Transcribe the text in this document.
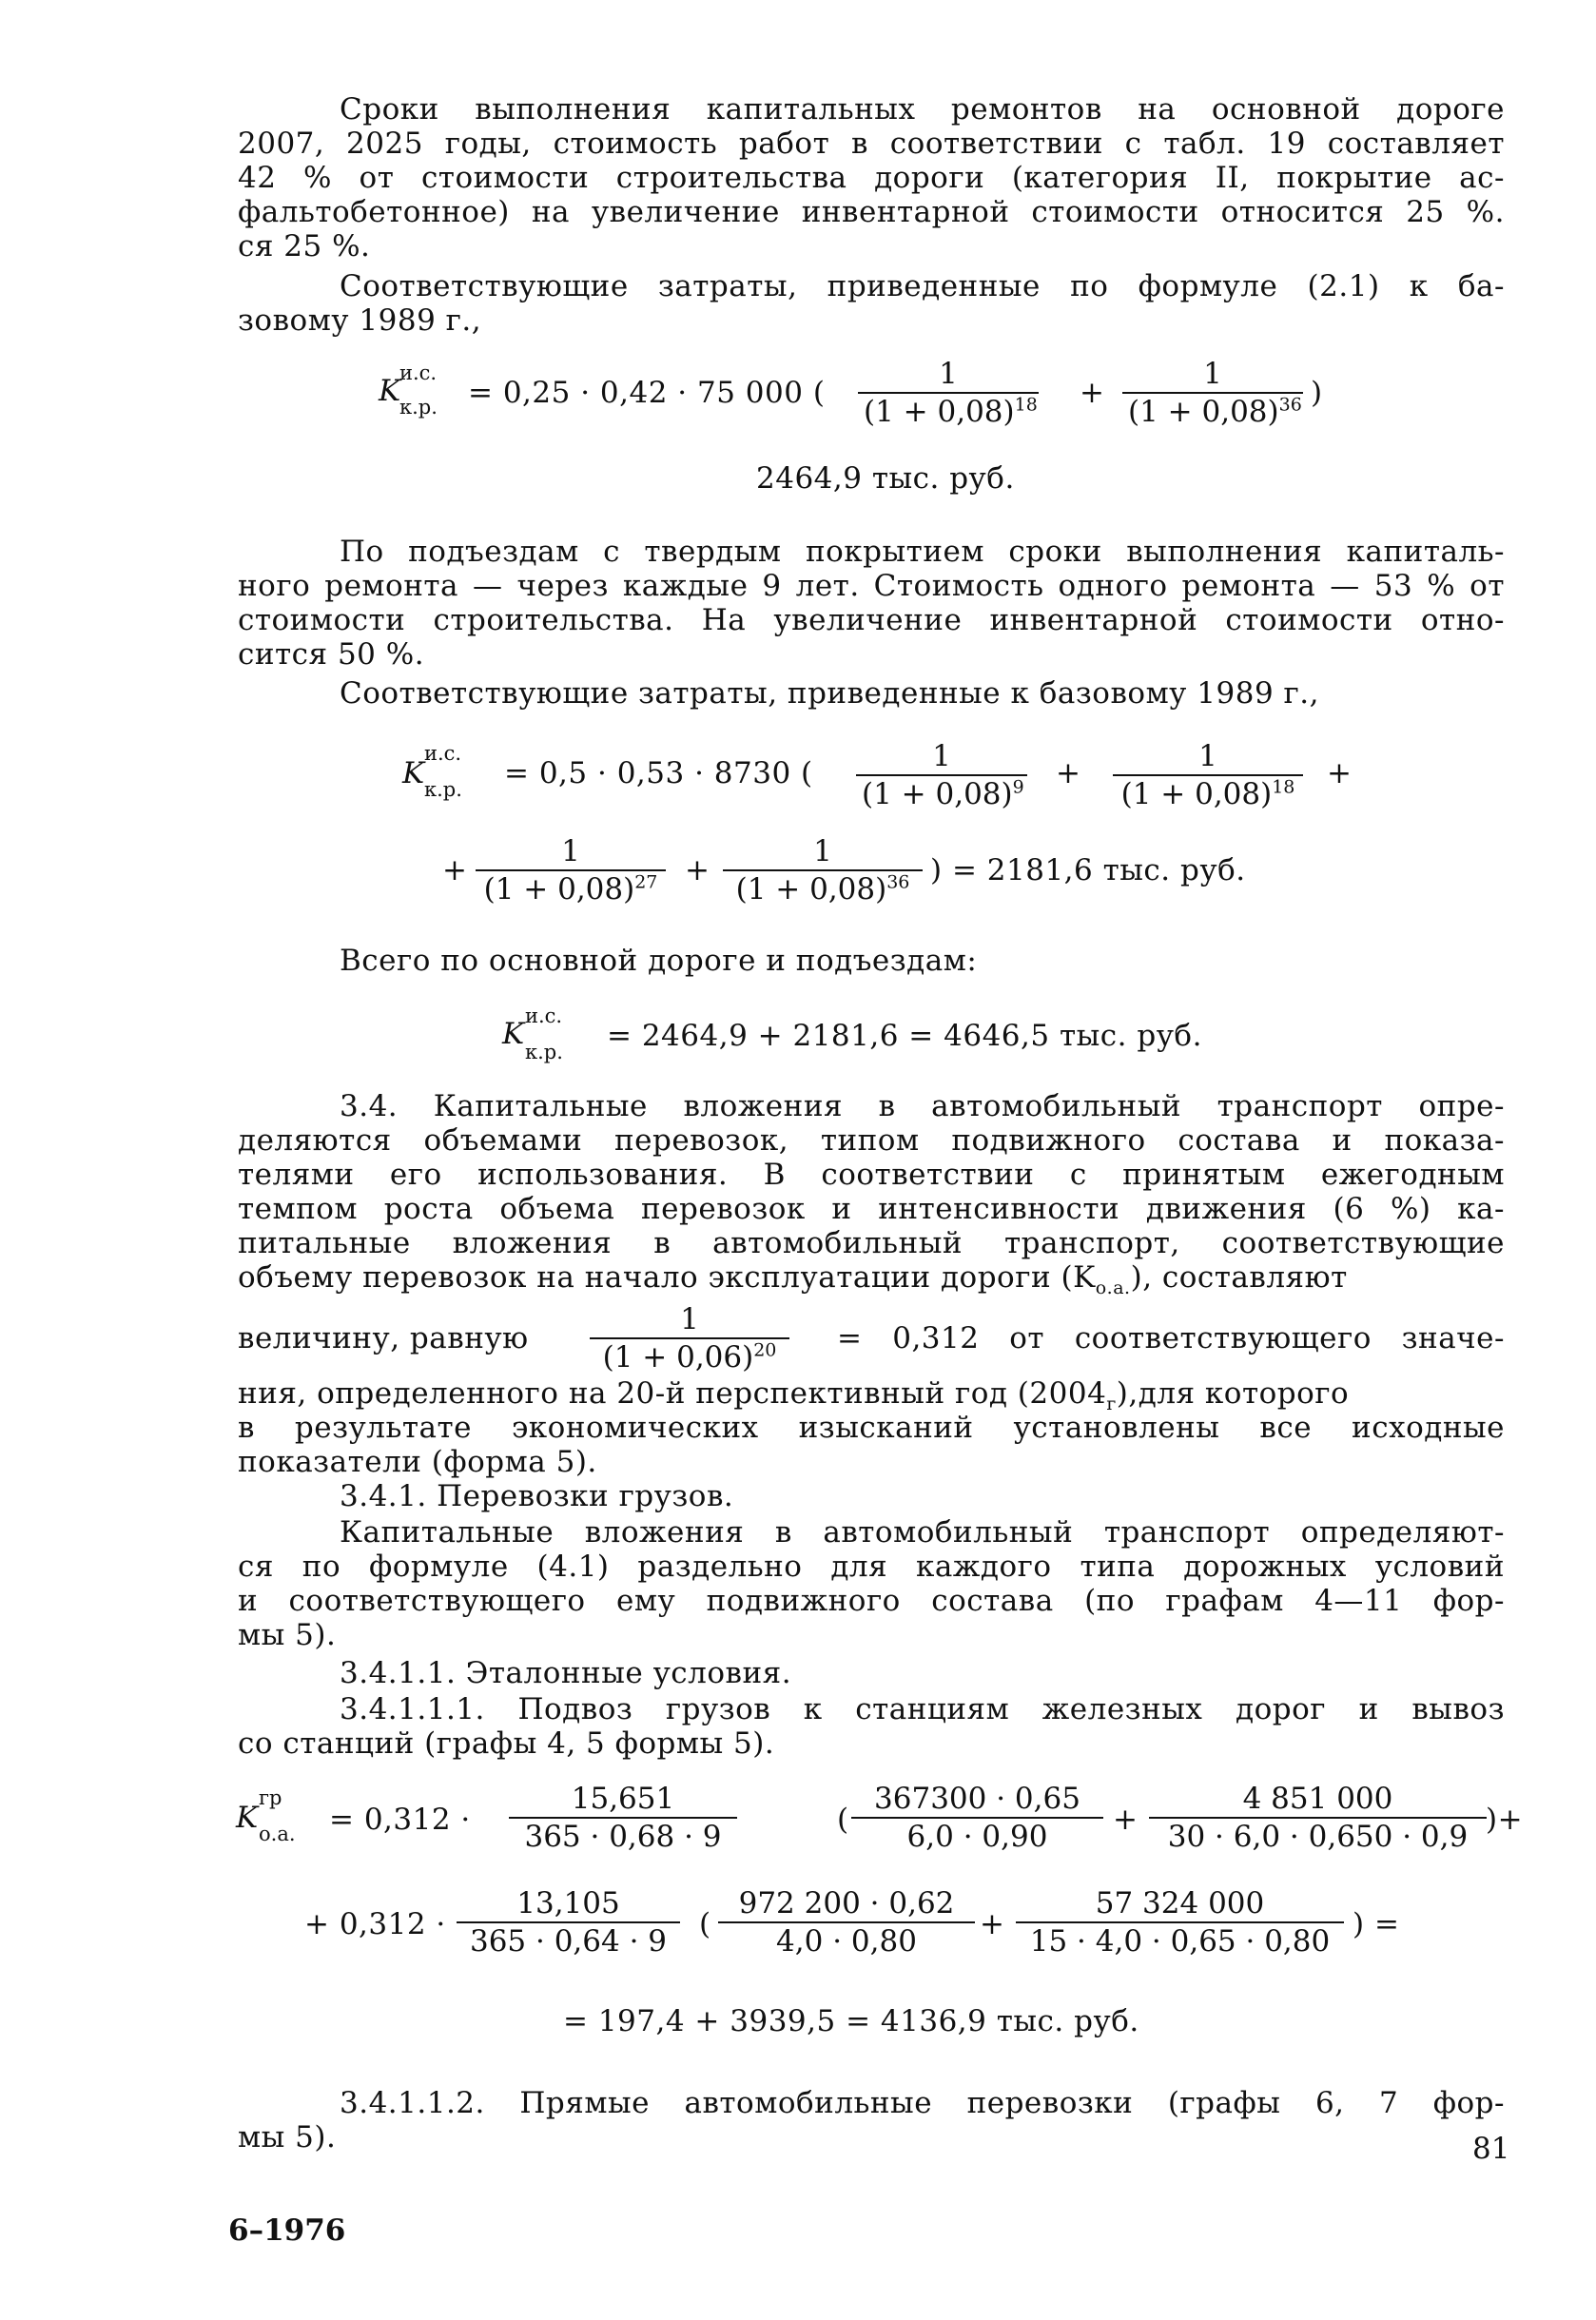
Сроки выполнения капитальных ремонтов на основной дороге
2007, 2025 годы, стоимость работ в соответствии с табл. 19 составляет
42 % от стоимости строительства дороги (категория II, покрытие ас-
фальтобетонное) на увеличение инвентарной стоимости относится 25 %.
ся 25 %.
Соответствующие затраты, приведенные по формуле (2.1) к ба-
зовому 1989 г.,
K
и.с.
к.р. = 0,25 · 0,42 · 75 000 (
1
$(1 + 0,08)^{18}$ +
1
$(1 + 0,08)^{36}$ )
2464,9 тыс. руб.
По подъездам с твердым покрытием сроки выполнения капиталь-
ного ремонта — через каждые 9 лет. Стоимость одного ремонта — 53 % от
стоимости строительства. На увеличение инвентарной стоимости отно-
сится 50 %.
Соответствующие затраты, приведенные к базовому 1989 г.,
K
и.с.
к.р. = 0,5 · 0,53 · 8730 (	1
$(1 + 0,08)^9$ +	1
$(1 + 0,08)^{18}$ +
+
1
$(1 + 0,08)^{27}$ +
1
$(1 + 0,08)^{36}$ ) = 2181,6 тыс. руб.
Всего по основной дороге и подъездам:
K
и.с.
к.р. = 2464,9 + 2181,6 = 4646,5 тыс. руб.
3.4. Капитальные вложения в автомобильный транспорт опре-
деляются объемами перевозок, типом подвижного состава и показа-
телями его использования. В соответствии с принятым ежегодным
темпом роста объема перевозок и интенсивности движения (6 %) ка-
питальные вложения в автомобильный транспорт, соответствующие
объему перевозок на начало эксплуатации дороги $(K_{о.а.})$, составляют
величину, равную
1
$(1 + 0,06)^{20}$	= 0,312 от соответствующего значе-
ния, определенного на 20-й перспективный год $(2004_г),для$ которого
в результате экономических изысканий установлены все исходные
показатели (форма 5).
3.4.1. Перевозки грузов.
Капитальные вложения в автомобильный транспорт определяют-
ся по формуле (4.1) раздельно для каждого типа дорожных условий
и соответствующего ему подвижного состава (по графам 4—11 фор-
мы 5).
3.4.1.1. Эталонные условия.
3.4.1.1.1. Подвоз грузов к станциям железных дорог и вывоз
со станций (графы 4, 5 формы 5).
K
гр
о.а. = 0,312 ·
15,651
365 · 0,68 · 9	(
367300 · 0,65
6,0 · 0,90	+
4 851 000
30 · 6,0 · 0,650 · 0,9 )+
+ 0,312 ·
13,105
365 · 0,64 · 9	(
972 200 · 0,62
4,0 · 0,80	+
57 324 000
15 · 4,0 · 0,65 · 0,80 ) =
= 197,4 + 3939,5 = 4136,9 тыс. руб.
3.4.1.1.2. Прямые автомобильные перевозки (графы 6, 7 фор-
мы 5).	81
6–1976
